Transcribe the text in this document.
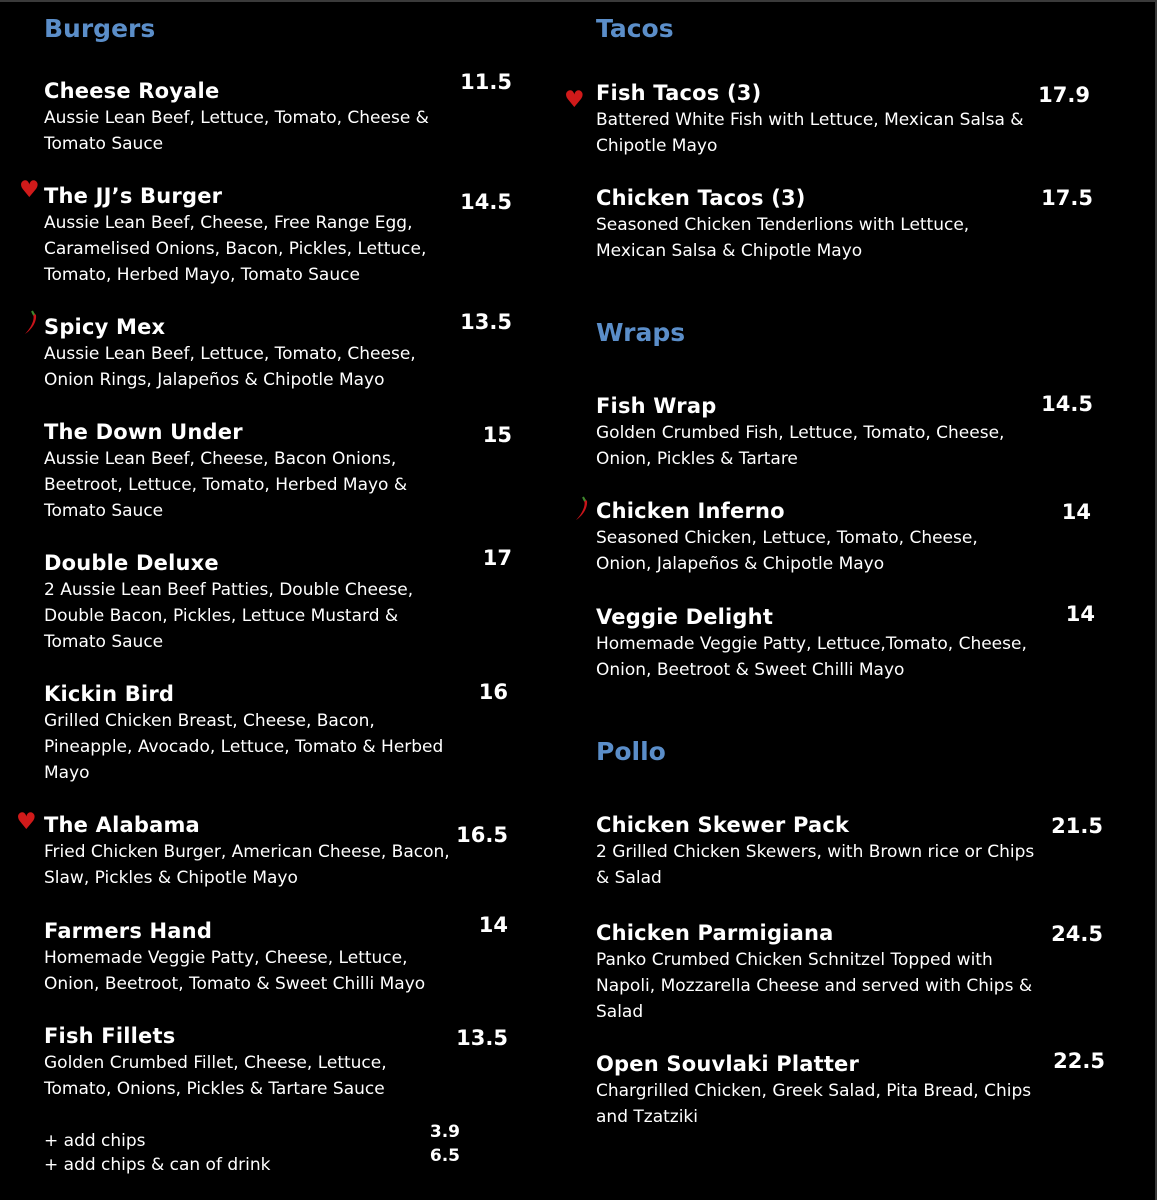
Burgers
Cheese Royale
Aussie Lean Beef, Lettuce, Tomato, Cheese & Tomato Sauce
11.5
♥ The JJ’s Burger
Aussie Lean Beef, Cheese, Free Range Egg, Caramelised Onions, Bacon, Pickles, Lettuce, Tomato, Herbed Mayo, Tomato Sauce
14.5
Spicy Mex
Aussie Lean Beef, Lettuce, Tomato, Cheese, Onion Rings, Jalapeños & Chipotle Mayo
13.5
The Down Under
Aussie Lean Beef, Cheese, Bacon Onions, Beetroot, Lettuce, Tomato, Herbed Mayo & Tomato Sauce
15
Double Deluxe
2 Aussie Lean Beef Patties, Double Cheese, Double Bacon, Pickles, Lettuce Mustard & Tomato Sauce
17
Kickin Bird
Grilled Chicken Breast, Cheese, Bacon, Pineapple, Avocado, Lettuce, Tomato & Herbed Mayo
16
♥ The Alabama
Fried Chicken Burger, American Cheese, Bacon, Slaw, Pickles & Chipotle Mayo
16.5
Farmers Hand
Homemade Veggie Patty, Cheese, Lettuce, Onion, Beetroot, Tomato & Sweet Chilli Mayo
14
Fish Fillets
Golden Crumbed Fillet, Cheese, Lettuce, Tomato, Onions, Pickles & Tartare Sauce
13.5
+ add chips	3.9
+ add chips & can of drink	6.5
Tacos
♥ Fish Tacos (3)
Battered White Fish with Lettuce, Mexican Salsa & Chipotle Mayo
17.9
Chicken Tacos (3)
Seasoned Chicken Tenderlions with Lettuce, Mexican Salsa & Chipotle Mayo
17.5
Wraps
Fish Wrap
Golden Crumbed Fish, Lettuce, Tomato, Cheese, Onion, Pickles & Tartare
14.5
Chicken Inferno
Seasoned Chicken, Lettuce, Tomato, Cheese, Onion, Jalapeños & Chipotle Mayo
14
Veggie Delight
Homemade Veggie Patty, Lettuce,Tomato, Cheese, Onion, Beetroot & Sweet Chilli Mayo
14
Pollo
Chicken Skewer Pack
2 Grilled Chicken Skewers, with Brown rice or Chips & Salad
21.5
Chicken Parmigiana
Panko Crumbed Chicken Schnitzel Topped with Napoli, Mozzarella Cheese and served with Chips & Salad
24.5
Open Souvlaki Platter
Chargrilled Chicken, Greek Salad, Pita Bread, Chips and Tzatziki
22.5
